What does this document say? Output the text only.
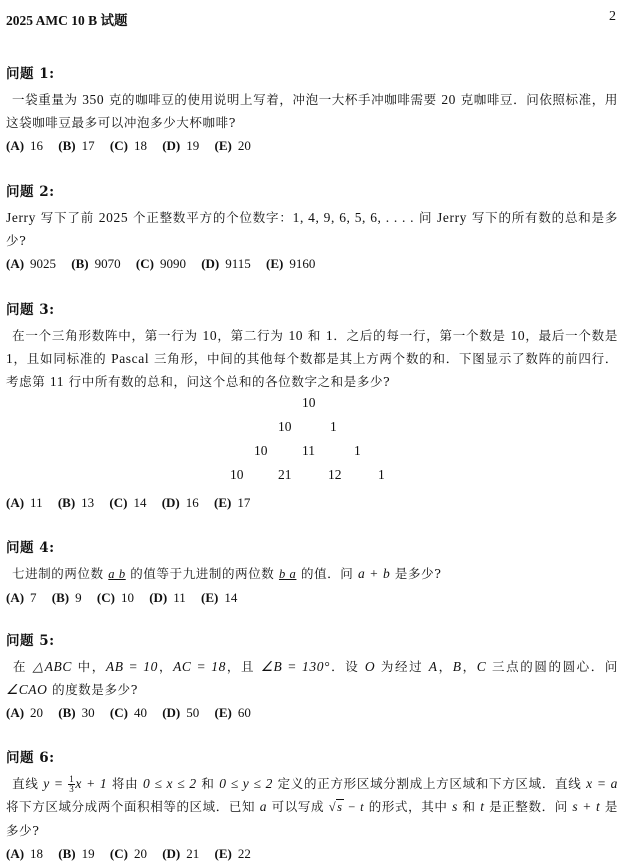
2025 AMC 10 B 试题	2
问题 1:
一袋重量为 350 克的咖啡豆的使用说明上写着，冲泡一大杯手冲咖啡需要 20 克咖啡豆．问依照标准，用这袋咖啡豆最多可以冲泡多少大杯咖啡?
(A) 16 (B) 17 (C) 18 (D) 19 (E) 20
问题 2:
Jerry 写下了前 2025 个正整数平方的个位数字：1, 4, 9, 6, 5, 6, . . . . 问 Jerry 写下的所有数的总和是多少?
(A) 9025 (B) 9070 (C) 9090 (D) 9115 (E) 9160
问题 3:
在一个三角形数阵中，第一行为 10，第二行为 10 和 1．之后的每一行，第一个数是 10，最后一个数是 1，且如同标准的 Pascal 三角形，中间的其他每个数都是其上方两个数的和．下图显示了数阵的前四行．考虑第 11 行中所有数的总和，问这个总和的各位数字之和是多少?
10
10	1
10	11	1
10	21	12	1
(A) 11 (B) 13 (C) 14 (D) 16 (E) 17
问题 4:
七进制的两位数 a b 的值等于九进制的两位数 b a 的值．问 a + b 是多少?
(A) 7 (B) 9 (C) 10 (D) 11 (E) 14
问题 5:
在 △ABC 中，AB = 10，AC = 18，且 ∠B = 130°．设 O 为经过 A，B，C 三点的圆的圆心．问 ∠CAO 的度数是多少?
(A) 20 (B) 30 (C) 40 (D) 50 (E) 60
问题 6:
直线 $y = \frac{1}{3}$ x + 1 将由 0 ≤ x ≤ 2 和 0 ≤ y ≤ 2 定义的正方形区域分割成上方区域和下方区域．直线 x = a 将下方区域分成两个面积相等的区域．已知 a 可以写成 √s − t 的形式，其中 s 和 t 是正整数．问 s + t 是多少?
(A) 18 (B) 19 (C) 20 (D) 21 (E) 22
